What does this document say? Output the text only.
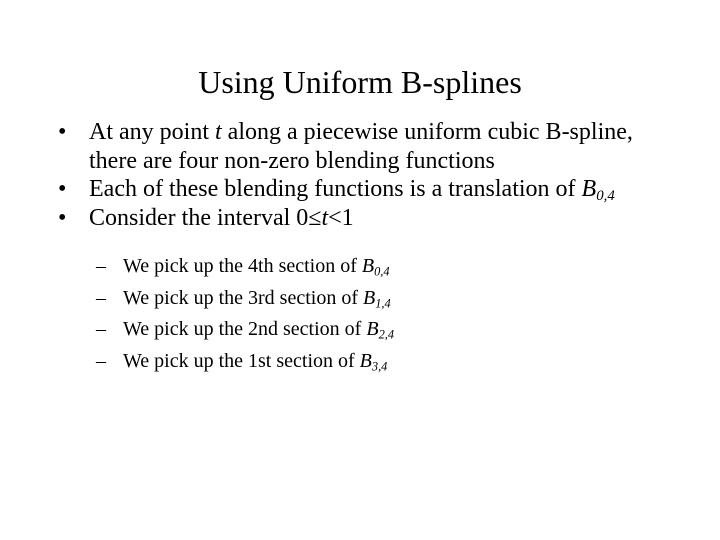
Using Uniform B-splines
• At any point t along a piecewise uniform cubic B-spline, there are four non-zero blending functions
• Each of these blending functions is a translation of B0,4
• Consider the interval 0≤t<1
– We pick up the 4th section of B0,4
– We pick up the 3rd section of B1,4
– We pick up the 2nd section of B2,4
– We pick up the 1st section of B3,4
